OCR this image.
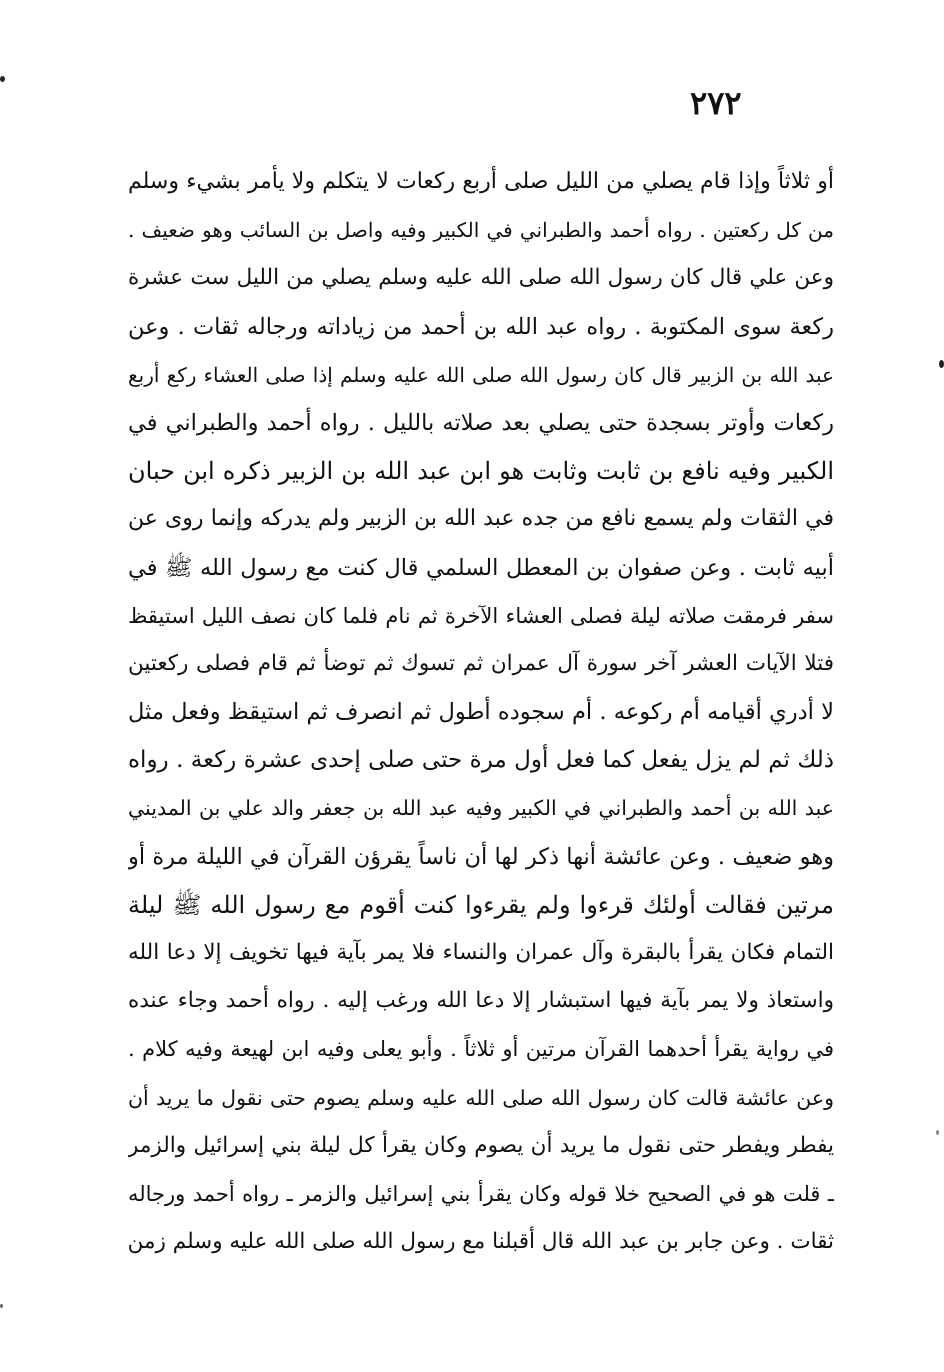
٢٧٢
أو ثلاثاً وإذا قام يصلي من الليل صلى أربع ركعات لا يتكلم ولا يأمر بشيء وسلم
من كل ركعتين . رواه أحمد والطبراني في الكبير وفيه واصل بن السائب وهو ضعيف .
وعن علي قال كان رسول الله صلى الله عليه وسلم يصلي من الليل ست عشرة
ركعة سوى المكتوبة . رواه عبد الله بن أحمد من زياداته ورجاله ثقات . وعن
عبد الله بن الزبير قال كان رسول الله صلى الله عليه وسلم إذا صلى العشاء ركع أربع
ركعات وأوتر بسجدة حتى يصلي بعد صلاته بالليل . رواه أحمد والطبراني في
الكبير وفيه نافع بن ثابت وثابت هو ابن عبد الله بن الزبير ذكره ابن حبان
في الثقات ولم يسمع نافع من جده عبد الله بن الزبير ولم يدركه وإنما روى عن
أبيه ثابت . وعن صفوان بن المعطل السلمي قال كنت مع رسول الله ﷺ في
سفر فرمقت صلاته ليلة فصلى العشاء الآخرة ثم نام فلما كان نصف الليل استيقظ
فتلا الآيات العشر آخر سورة آل عمران ثم تسوك ثم توضأ ثم قام فصلى ركعتين
لا أدري أقيامه أم ركوعه . أم سجوده أطول ثم انصرف ثم استيقظ وفعل مثل
ذلك ثم لم يزل يفعل كما فعل أول مرة حتى صلى إحدى عشرة ركعة . رواه
عبد الله بن أحمد والطبراني في الكبير وفيه عبد الله بن جعفر والد علي بن المديني
وهو ضعيف . وعن عائشة أنها ذكر لها أن ناساً يقرؤن القرآن في الليلة مرة أو
مرتين فقالت أولئك قرءوا ولم يقرءوا كنت أقوم مع رسول الله ﷺ ليلة
التمام فكان يقرأ بالبقرة وآل عمران والنساء فلا يمر بآية فيها تخويف إلا دعا الله
واستعاذ ولا يمر بآية فيها استبشار إلا دعا الله ورغب إليه . رواه أحمد وجاء عنده
في رواية يقرأ أحدهما القرآن مرتين أو ثلاثاً . وأبو يعلى وفيه ابن لهيعة وفيه كلام .
وعن عائشة قالت كان رسول الله صلى الله عليه وسلم يصوم حتى نقول ما يريد أن
يفطر ويفطر حتى نقول ما يريد أن يصوم وكان يقرأ كل ليلة بني إسرائيل والزمر
ـ قلت هو في الصحيح خلا قوله وكان يقرأ بني إسرائيل والزمر ـ رواه أحمد ورجاله
ثقات . وعن جابر بن عبد الله قال أقبلنا مع رسول الله صلى الله عليه وسلم زمن
